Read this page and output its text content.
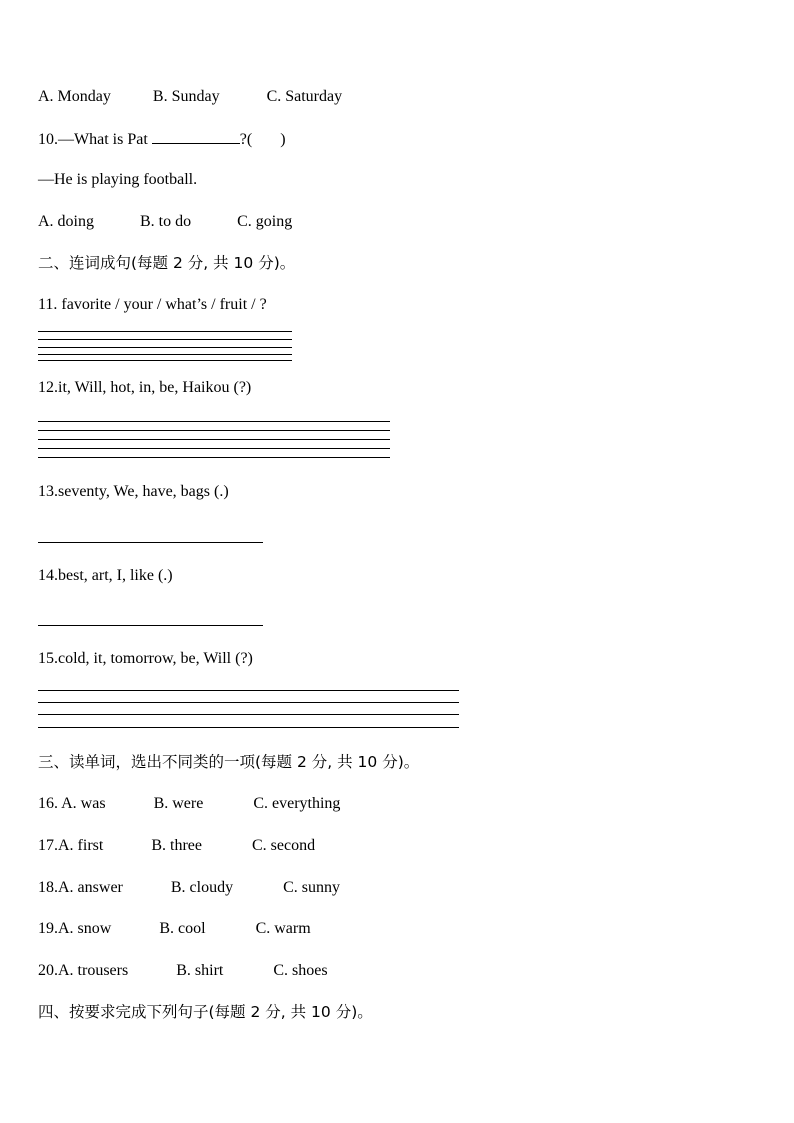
A. Monday	B. Sunday	C. Saturday
10.—What is Pat	?( )
—He is playing football.
A. doing	B. to do	C. going
二、连词成句(每题 2 分, 共 10 分)。
11. favorite / your / what’s / fruit / ?
12.it, Will, hot, in, be, Haikou (?)
13.seventy, We, have, bags (.)
14.best, art, I, like (.)
15.cold, it, tomorrow, be, Will (?)
三、读单词，选出不同类的一项(每题 2 分, 共 10 分)。
16. A. was	B. were	C. everything
17.A. first	B. three	C. second
18.A. answer	B. cloudy	C. sunny
19.A. snow	B. cool	C. warm
20.A. trousers	B. shirt	C. shoes
四、按要求完成下列句子(每题 2 分, 共 10 分)。
